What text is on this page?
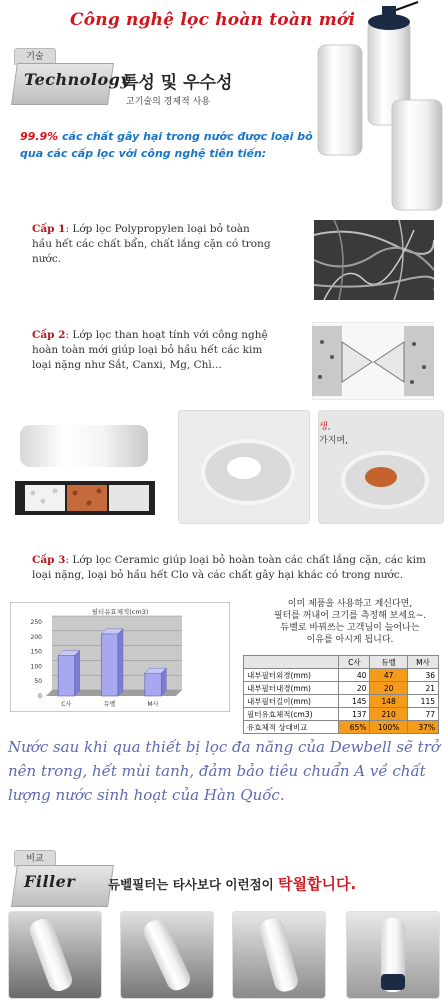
Công nghệ lọc hoàn toàn mới
기술
Technology
특성 및 우수성
고기술의 경제적 사용
99.9% các chất gây hại trong nước được loại bỏ qua các cấp lọc với công nghệ tiên tiến:
Cấp 1: Lớp lọc Polypropylen loại bỏ toàn hầu hết các chất bẩn, chất lắng cặn có trong nước.
Cấp 2: Lớp lọc than hoạt tính với công nghệ hoàn toàn mới giúp loại bỏ hầu hết các kim loại nặng như Sắt, Canxi, Mg, Chì...
생,
가지며,
Cấp 3: Lớp lọc Ceramic giúp loại bỏ hoàn toàn các chất lắng cặn, các kim loại nặng, loại bỏ hầu hết Clo và các chất gây hại khác có trong nước.
필터유효체적(cm3)
0
50
100
150
200
250
C사	듀벨	M사
이미 제품을 사용하고 계신다면,
필터를 꺼내어 크기를 측정해 보세요~.
듀벨로 바꿔쓰는 고객님이 늘어나는
이유를 아시게 됩니다.
	C사	듀벨	M사
내부필터외경(mm)	40	47	36
내부필터내경(mm)	20	20	21
내부필터길이(mm)	145	148	115
필터유효체적(cm3)	137	210	77
유효체적 상대비교	65%	100%	37%
Nước sau khi qua thiết bị lọc đa năng của Dewbell sẽ trở nên trong, hết mùi tanh, đảm bảo tiêu chuẩn A về chất lượng nước sinh hoạt của Hàn Quốc.
비교
Filler	듀벨필터는 타사보다 이런점이 탁월합니다.
